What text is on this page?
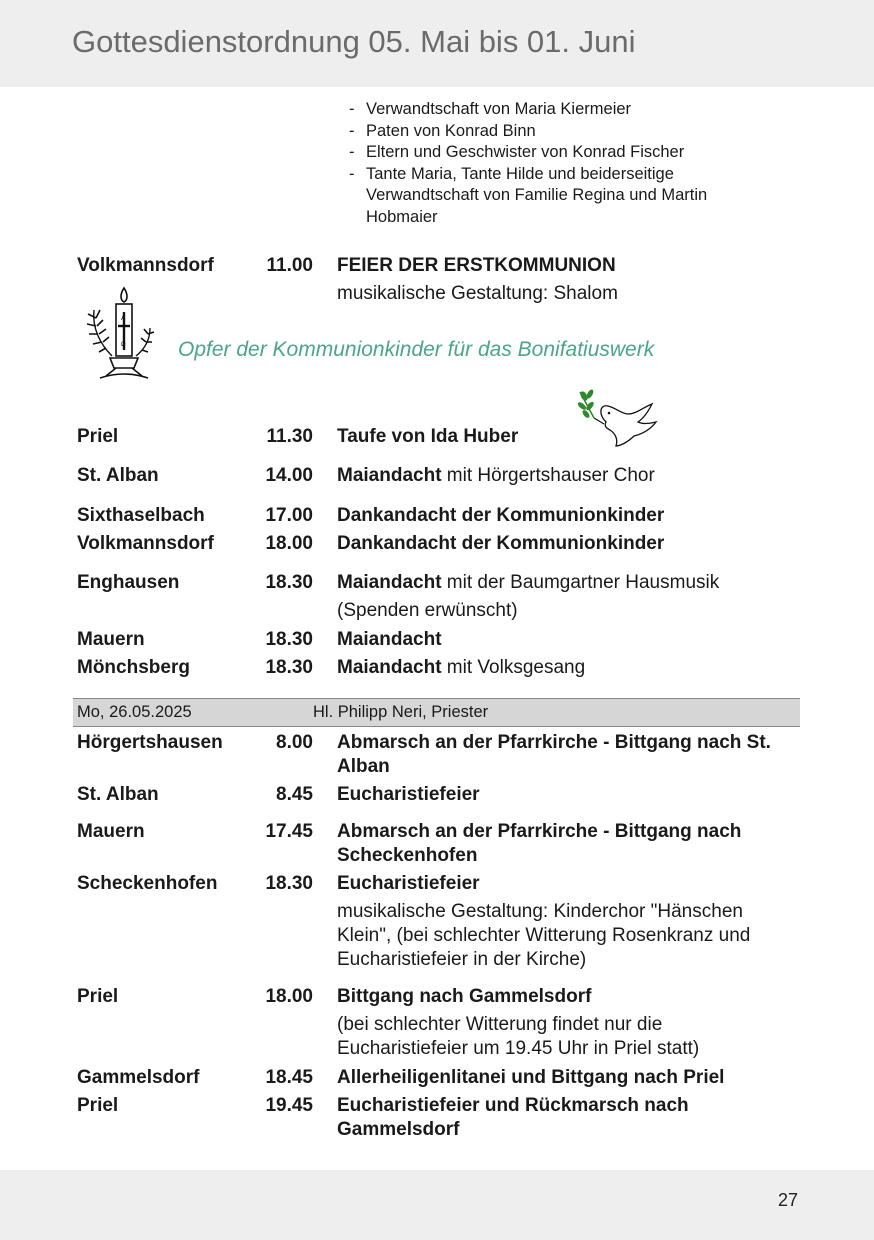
Gottesdienstordnung 05. Mai bis 01. Juni
- Verwandtschaft von Maria Kiermeier
- Paten von Konrad Binn
- Eltern und Geschwister von Konrad Fischer
- Tante Maria, Tante Hilde und beiderseitige Verwandtschaft von Familie Regina und Martin Hobmaier
Volkmannsdorf	11.00 FEIER DER ERSTKOMMUNION
musikalische Gestaltung: Shalom
A
Ω Opfer der Kommunionkinder für das Bonifatiuswerk
Priel	11.30 Taufe von Ida Huber
St. Alban	14.00 Maiandacht mit Hörgertshauser Chor
Sixthaselbach	17.00 Dankandacht der Kommunionkinder
Volkmannsdorf	18.00 Dankandacht der Kommunionkinder
Enghausen	18.30 Maiandacht mit der Baumgartner Hausmusik
(Spenden erwünscht)
Mauern	18.30 Maiandacht
Mönchsberg	18.30 Maiandacht mit Volksgesang
Mo, 26.05.2025	Hl. Philipp Neri, Priester
Hörgertshausen	8.00 Abmarsch an der Pfarrkirche - Bittgang nach St. Alban
St. Alban	8.45 Eucharistiefeier
Mauern	17.45 Abmarsch an der Pfarrkirche - Bittgang nach Scheckenhofen
Scheckenhofen	18.30 Eucharistiefeier
musikalische Gestaltung: Kinderchor "Hänschen Klein", (bei schlechter Witterung Rosenkranz und Eucharistiefeier in der Kirche)
Priel	18.00 Bittgang nach Gammelsdorf
(bei schlechter Witterung findet nur die Eucharistiefeier um 19.45 Uhr in Priel statt)
Gammelsdorf	18.45 Allerheiligenlitanei und Bittgang nach Priel
Priel	19.45 Eucharistiefeier und Rückmarsch nach Gammelsdorf
27
